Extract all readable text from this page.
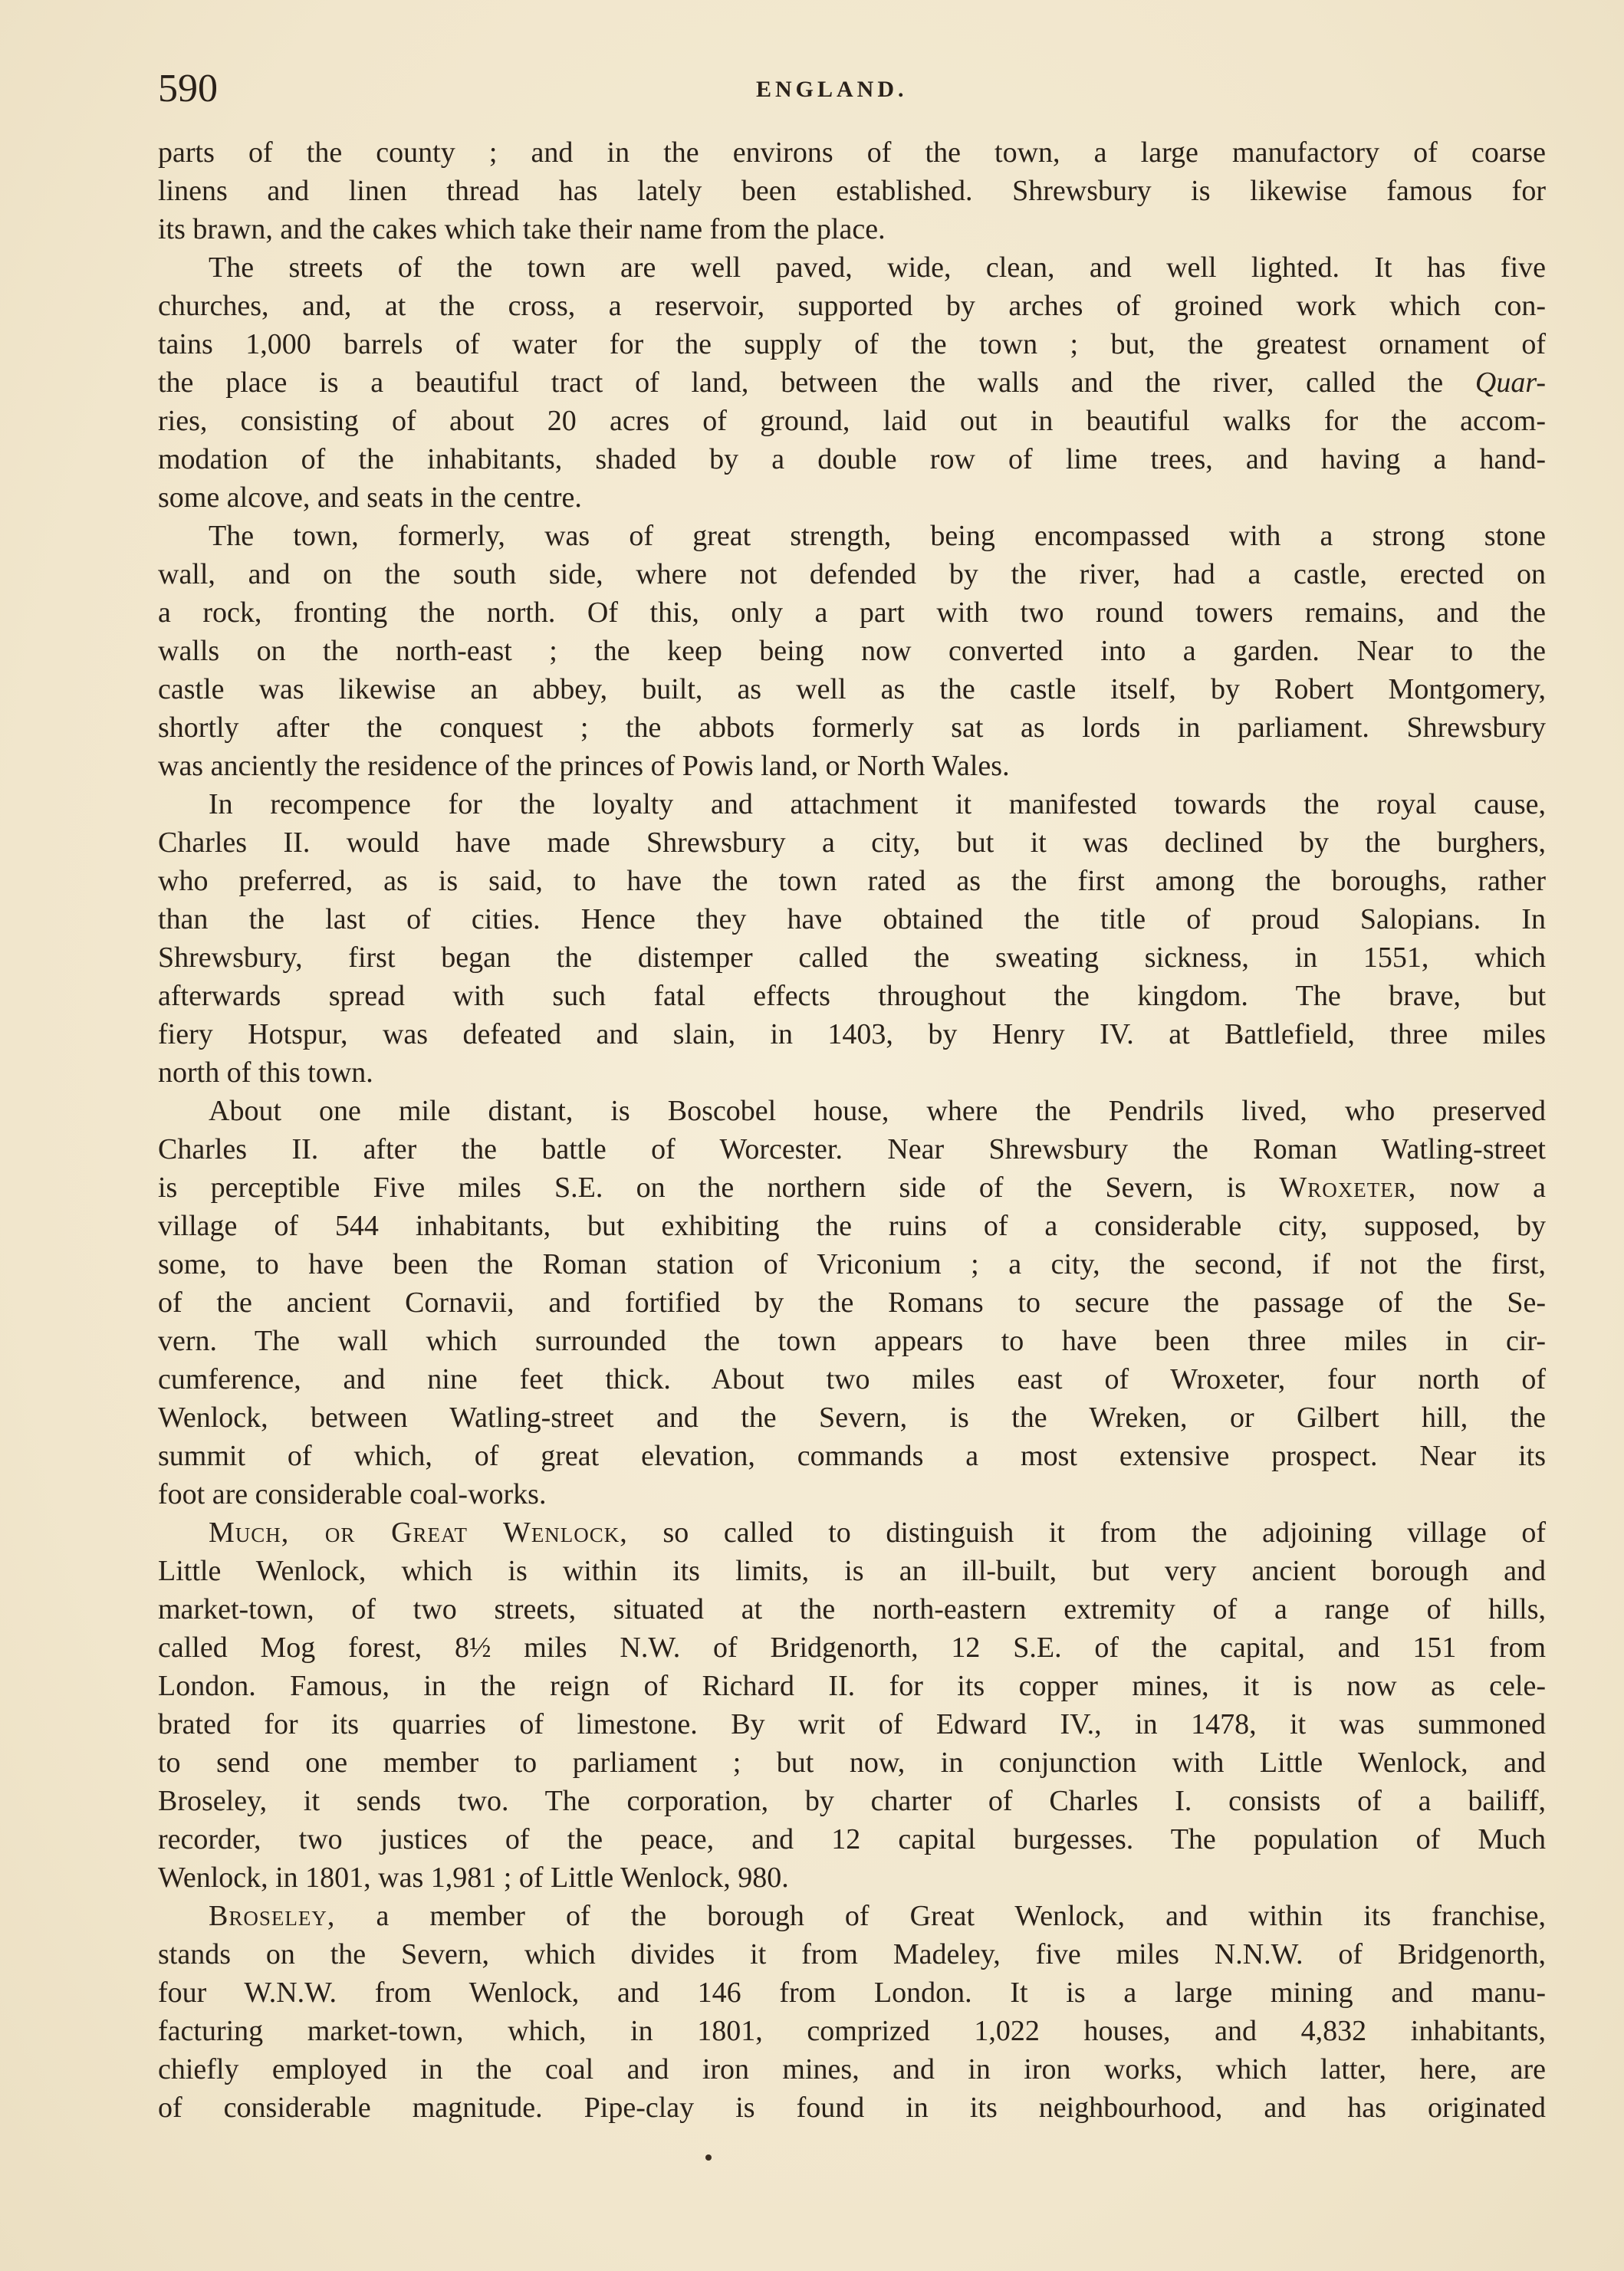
590	ENGLAND.
parts of the county ; and in the environs of the town, a large manufactory of coarse
linens and linen thread has lately been established. Shrewsbury is likewise famous for
its brawn, and the cakes which take their name from the place.
The streets of the town are well paved, wide, clean, and well lighted. It has five
churches, and, at the cross, a reservoir, supported by arches of groined work which con-
tains 1,000 barrels of water for the supply of the town ; but, the greatest ornament of
the place is a beautiful tract of land, between the walls and the river, called the Quar-
ries, consisting of about 20 acres of ground, laid out in beautiful walks for the accom-
modation of the inhabitants, shaded by a double row of lime trees, and having a hand-
some alcove, and seats in the centre.
The town, formerly, was of great strength, being encompassed with a strong stone
wall, and on the south side, where not defended by the river, had a castle, erected on
a rock, fronting the north. Of this, only a part with two round towers remains, and the
walls on the north-east ; the keep being now converted into a garden. Near to the
castle was likewise an abbey, built, as well as the castle itself, by Robert Montgomery,
shortly after the conquest ; the abbots formerly sat as lords in parliament. Shrewsbury
was anciently the residence of the princes of Powis land, or North Wales.
In recompence for the loyalty and attachment it manifested towards the royal cause,
Charles II. would have made Shrewsbury a city, but it was declined by the burghers,
who preferred, as is said, to have the town rated as the first among the boroughs, rather
than the last of cities. Hence they have obtained the title of proud Salopians. In
Shrewsbury, first began the distemper called the sweating sickness, in 1551, which
afterwards spread with such fatal effects throughout the kingdom. The brave, but
fiery Hotspur, was defeated and slain, in 1403, by Henry IV. at Battlefield, three miles
north of this town.
About one mile distant, is Boscobel house, where the Pendrils lived, who preserved
Charles II. after the battle of Worcester. Near Shrewsbury the Roman Watling-street
is perceptible Five miles S.E. on the northern side of the Severn, is Wroxeter, now a
village of 544 inhabitants, but exhibiting the ruins of a considerable city, supposed, by
some, to have been the Roman station of Vriconium ; a city, the second, if not the first,
of the ancient Cornavii, and fortified by the Romans to secure the passage of the Se-
vern. The wall which surrounded the town appears to have been three miles in cir-
cumference, and nine feet thick. About two miles east of Wroxeter, four north of
Wenlock, between Watling-street and the Severn, is the Wreken, or Gilbert hill, the
summit of which, of great elevation, commands a most extensive prospect. Near its
foot are considerable coal-works.
Much, or Great Wenlock, so called to distinguish it from the adjoining village of
Little Wenlock, which is within its limits, is an ill-built, but very ancient borough and
market-town, of two streets, situated at the north-eastern extremity of a range of hills,
called Mog forest, 8½ miles N.W. of Bridgenorth, 12 S.E. of the capital, and 151 from
London. Famous, in the reign of Richard II. for its copper mines, it is now as cele-
brated for its quarries of limestone. By writ of Edward IV., in 1478, it was summoned
to send one member to parliament ; but now, in conjunction with Little Wenlock, and
Broseley, it sends two. The corporation, by charter of Charles I. consists of a bailiff,
recorder, two justices of the peace, and 12 capital burgesses. The population of Much
Wenlock, in 1801, was 1,981 ; of Little Wenlock, 980.
Broseley, a member of the borough of Great Wenlock, and within its franchise,
stands on the Severn, which divides it from Madeley, five miles N.N.W. of Bridgenorth,
four W.N.W. from Wenlock, and 146 from London. It is a large mining and manu-
facturing market-town, which, in 1801, comprized 1,022 houses, and 4,832 inhabitants,
chiefly employed in the coal and iron mines, and in iron works, which latter, here, are
of considerable magnitude. Pipe-clay is found in its neighbourhood, and has originated
